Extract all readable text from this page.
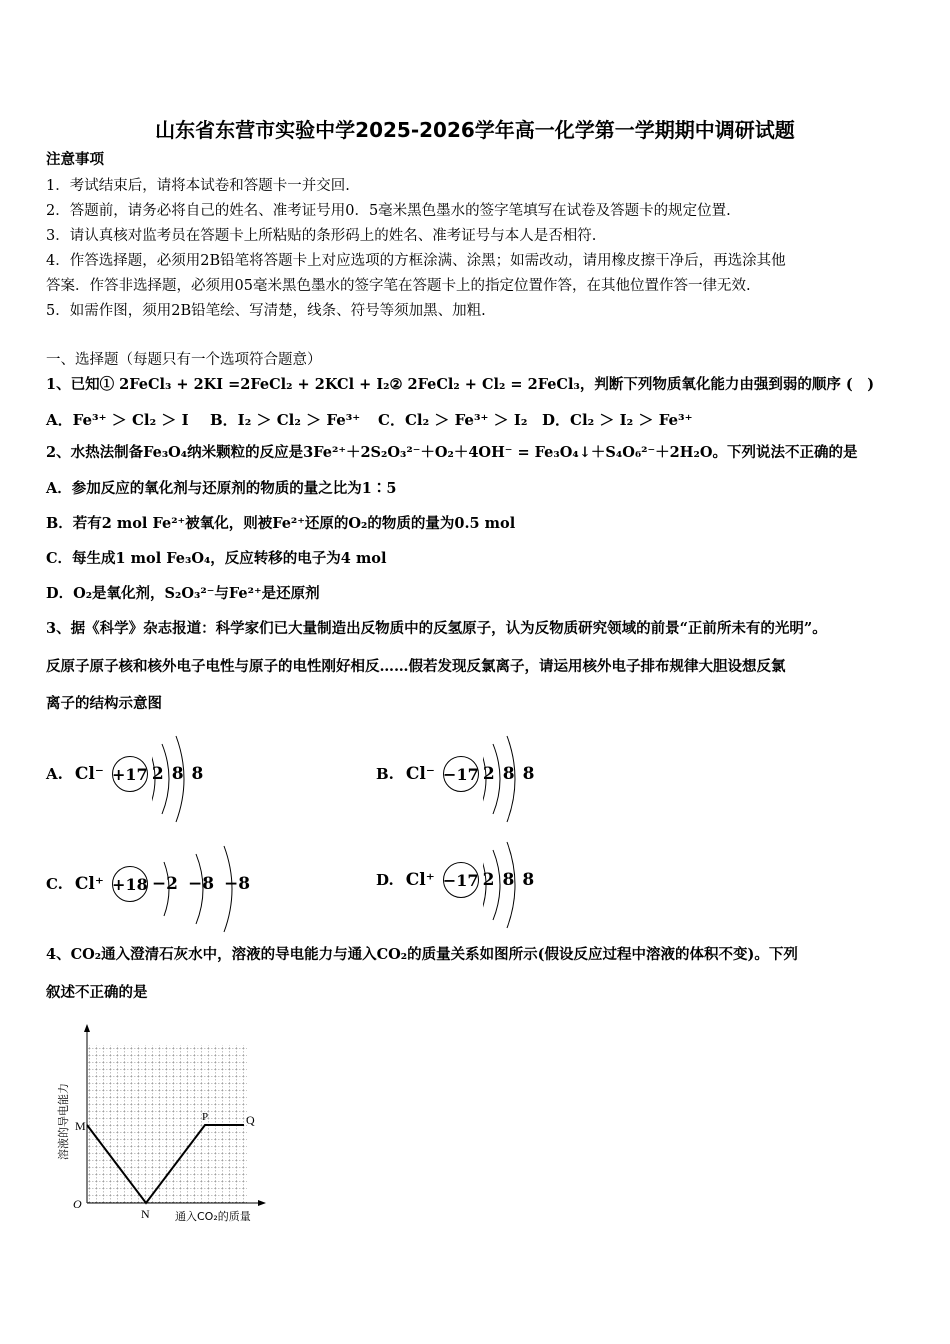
山东省东营市实验中学2025-2026学年高一化学第一学期期中调研试题
注意事项
1．考试结束后，请将本试卷和答题卡一并交回.
2．答题前，请务必将自己的姓名、准考证号用0．5毫米黑色墨水的签字笔填写在试卷及答题卡的规定位置.
3．请认真核对监考员在答题卡上所粘贴的条形码上的姓名、准考证号与本人是否相符.
4．作答选择题，必须用2B铅笔将答题卡上对应选项的方框涂满、涂黑；如需改动，请用橡皮擦干净后，再选涂其他
答案．作答非选择题，必须用05毫米黑色墨水的签字笔在答题卡上的指定位置作答，在其他位置作答一律无效.
5．如需作图，须用2B铅笔绘、写清楚，线条、符号等须加黑、加粗.
一、选择题（每题只有一个选项符合题意）
1、已知① 2FeCl₃ + 2KI =2FeCl₂ + 2KCl + I₂② 2FeCl₂ + Cl₂ = 2FeCl₃，判断下列物质氧化能力由强到弱的顺序 (　)
A．Fe³⁺ ＞ Cl₂ ＞ I B．I₂ ＞ Cl₂ ＞ Fe³⁺ C．Cl₂ ＞ Fe³⁺ ＞ I₂ D．Cl₂ ＞ I₂ ＞ Fe³⁺
2、水热法制备Fe₃O₄纳米颗粒的反应是3Fe²⁺＋2S₂O₃²⁻＋O₂＋4OH⁻ = Fe₃O₄↓＋S₄O₆²⁻＋2H₂O。下列说法不正确的是
A．参加反应的氧化剂与还原剂的物质的量之比为1∶5
B．若有2 mol Fe²⁺被氧化，则被Fe²⁺还原的O₂的物质的量为0.5 mol
C．每生成1 mol Fe₃O₄，反应转移的电子为4 mol
D．O₂是氧化剂，S₂O₃²⁻与Fe²⁺是还原剂
3、据《科学》杂志报道：科学家们已大量制造出反物质中的反氢原子，认为反物质研究领域的前景“正前所未有的光明”。
反原子原子核和核外电子电性与原子的电性刚好相反……假若发现反氯离子，请运用核外电子排布规律大胆设想反氯
离子的结构示意图
A. Cl⁻ +17 2 8 8	B. Cl⁻ −17 2 8 8
C. Cl⁺ +18 −2 −8 −8	D. Cl⁺ −17 2 8 8
4、CO₂通入澄清石灰水中，溶液的导电能力与通入CO₂的质量关系如图所示(假设反应过程中溶液的体积不变)。下列
叙述不正确的是
M
N
P	Q
O
通入CO₂的质量
溶液的导电能力
